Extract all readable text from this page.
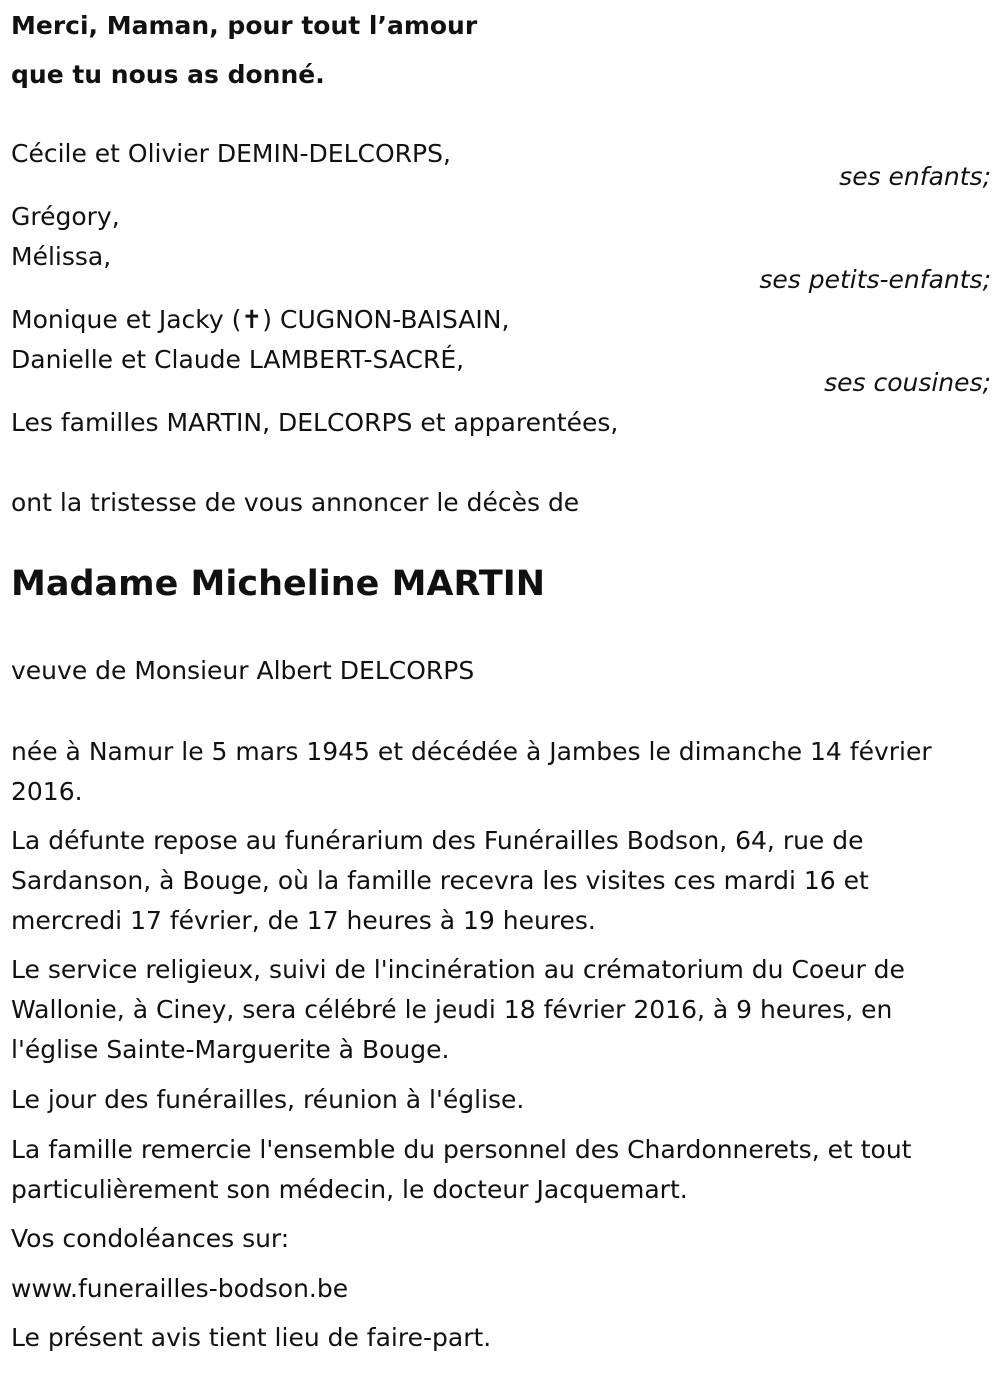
Merci, Maman, pour tout l’amour
que tu nous as donné.
Cécile et Olivier DEMIN-DELCORPS,
ses enfants;
Grégory,
Mélissa,
ses petits-enfants;
Monique et Jacky (✝) CUGNON-BAISAIN,
Danielle et Claude LAMBERT-SACRÉ,
ses cousines;
Les familles MARTIN, DELCORPS et apparentées,
ont la tristesse de vous annoncer le décès de
Madame Micheline MARTIN
veuve de Monsieur Albert DELCORPS
née à Namur le 5 mars 1945 et décédée à Jambes le dimanche 14 février 2016.
La défunte repose au funérarium des Funérailles Bodson, 64, rue de Sardanson, à Bouge, où la famille recevra les visites ces mardi 16 et mercredi 17 février, de 17 heures à 19 heures.
Le service religieux, suivi de l'incinération au crématorium du Coeur de Wallonie, à Ciney, sera célébré le jeudi 18 février 2016, à 9 heures, en l'église Sainte-Marguerite à Bouge.
Le jour des funérailles, réunion à l'église.
La famille remercie l'ensemble du personnel des Chardonnerets, et tout particulièrement son médecin, le docteur Jacquemart.
Vos condoléances sur:
www.funerailles-bodson.be
Le présent avis tient lieu de faire-part.
